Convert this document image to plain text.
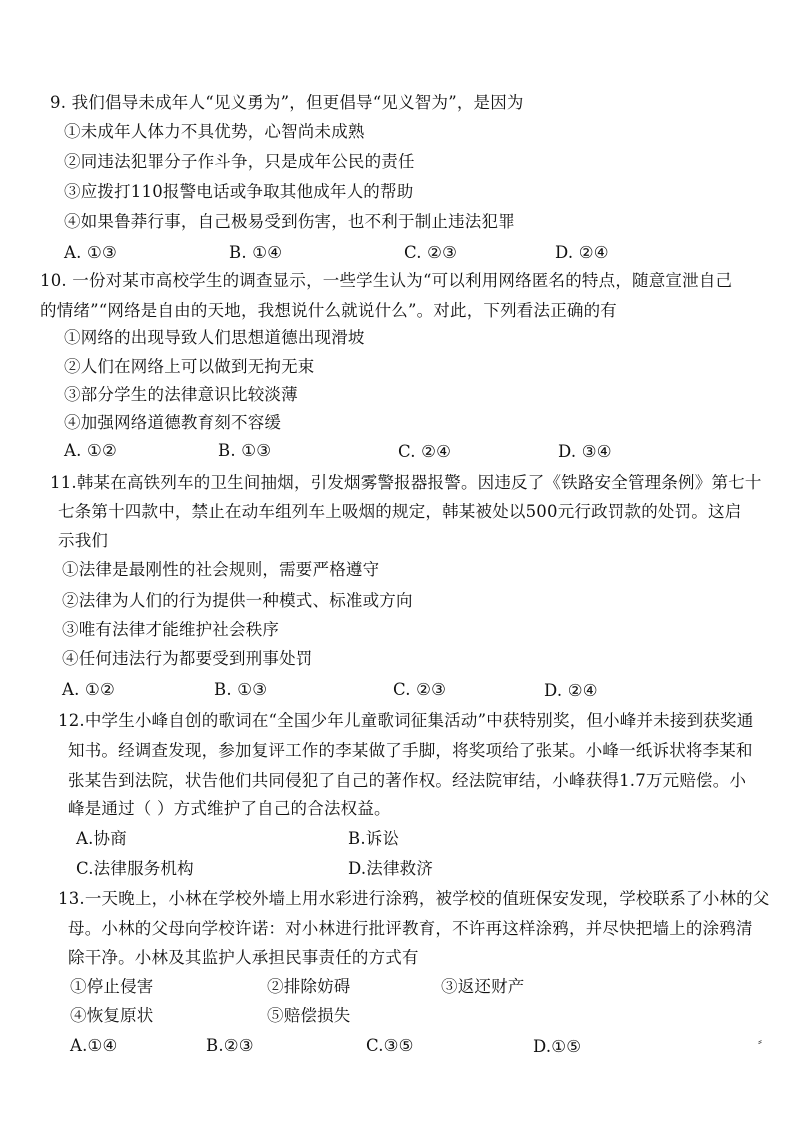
9. 我们倡导未成年人“见义勇为”，但更倡导“见义智为”，是因为
①未成年人体力不具优势，心智尚未成熟
②同违法犯罪分子作斗争，只是成年公民的责任
③应拨打110报警电话或争取其他成年人的帮助
④如果鲁莽行事，自己极易受到伤害，也不利于制止违法犯罪
A. ①③	B. ①④	C. ②③	D. ②④
10. 一份对某市高校学生的调查显示，一些学生认为“可以利用网络匿名的特点，随意宣泄自己
的情绪”“网络是自由的天地，我想说什么就说什么”。对此，下列看法正确的有
①网络的出现导致人们思想道德出现滑坡
②人们在网络上可以做到无拘无束
③部分学生的法律意识比较淡薄
④加强网络道德教育刻不容缓
A. ①②	B. ①③	C. ②④	D. ③④
11.韩某在高铁列车的卫生间抽烟，引发烟雾警报器报警。因违反了《铁路安全管理条例》第七十
七条第十四款中，禁止在动车组列车上吸烟的规定，韩某被处以500元行政罚款的处罚。这启
示我们
①法律是最刚性的社会规则，需要严格遵守
②法律为人们的行为提供一种模式、标准或方向
③唯有法律才能维护社会秩序
④任何违法行为都要受到刑事处罚
A. ①②	B. ①③	C. ②③	D. ②④
12.中学生小峰自创的歌词在“全国少年儿童歌词征集活动”中获特别奖，但小峰并未接到获奖通
知书。经调查发现，参加复评工作的李某做了手脚，将奖项给了张某。小峰一纸诉状将李某和
张某告到法院，状告他们共同侵犯了自己的著作权。经法院审结，小峰获得1.7万元赔偿。小
峰是通过（ ）方式维护了自己的合法权益。
A.协商	B.诉讼
C.法律服务机构	D.法律救济
13.一天晚上，小林在学校外墙上用水彩进行涂鸦，被学校的值班保安发现，学校联系了小林的父
母。小林的父母向学校许诺：对小林进行批评教育，不许再这样涂鸦，并尽快把墙上的涂鸦清
除干净。小林及其监护人承担民事责任的方式有
①停止侵害	②排除妨碍	③返还财产
④恢复原状	⑤赔偿损失
A.①④	B.②③	C.③⑤	D.①⑤	⸗
